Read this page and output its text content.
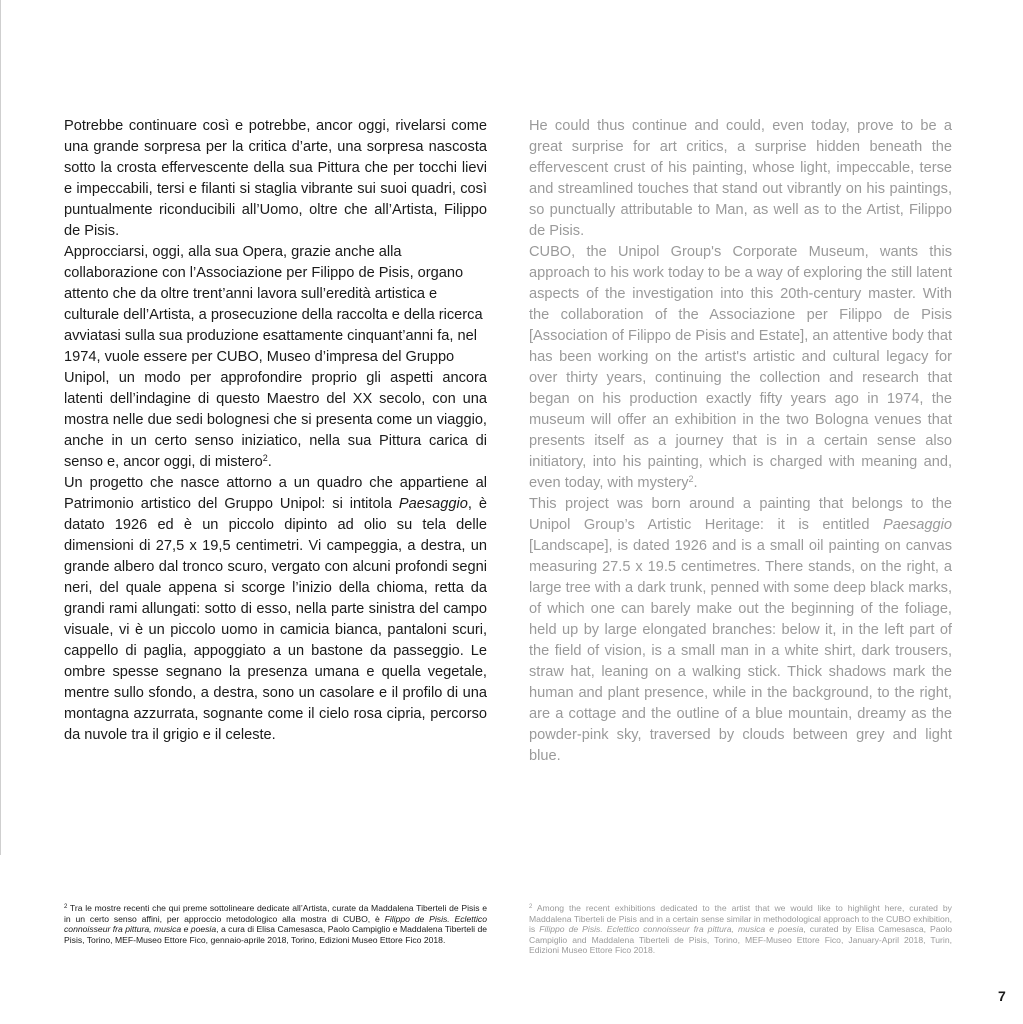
Potrebbe continuare così e potrebbe, ancor oggi, rivelarsi come una grande sorpresa per la critica d’arte, una sorpresa nascosta sotto la crosta effervescente della sua Pittura che per tocchi lievi e impeccabili, tersi e filanti si staglia vibrante sui suoi quadri, così puntualmente riconducibili all’Uomo, oltre che all’Artista, Filippo de Pisis.

Approcciarsi, oggi, alla sua Opera, grazie anche alla collaborazione con l’Associazione per Filippo de Pisis, organo attento che da oltre trent’anni lavora sull’eredità artistica e culturale dell’Artista, a prosecuzione della raccolta e della ricerca avviatasi sulla sua produzione esattamente cinquant’anni fa, nel 1974, vuole essere per CUBO, Museo d’impresa del Gruppo

Unipol, un modo per approfondire proprio gli aspetti ancora latenti dell’indagine di questo Maestro del XX secolo, con una mostra nelle due sedi bolognesi che si presenta come un viaggio, anche in un certo senso iniziatico, nella sua Pittura carica di senso e, ancor oggi, di mistero$^2$.

Un progetto che nasce attorno a un quadro che appartiene al Patrimonio artistico del Gruppo Unipol: si intitola Paesaggio, è datato 1926 ed è un piccolo dipinto ad olio su tela delle dimensioni di 27,5 x 19,5 centimetri. Vi campeggia, a destra, un grande albero dal tronco scuro, vergato con alcuni profondi segni neri, del quale appena si scorge l’inizio della chioma, retta da grandi rami allungati: sotto di esso, nella parte sinistra del campo visuale, vi è un piccolo uomo in camicia bianca, pantaloni scuri, cappello di paglia, appoggiato a un bastone da passeggio. Le ombre spesse segnano la presenza umana e quella vegetale, mentre sullo sfondo, a destra, sono un casolare e il profilo di una montagna azzurrata, sognante come il cielo rosa cipria, percorso da nuvole tra il grigio e il celeste.

He could thus continue and could, even today, prove to be a great surprise for art critics, a surprise hidden beneath the effervescent crust of his painting, whose light, impeccable, terse and streamlined touches that stand out vibrantly on his paintings, so punctually attributable to Man, as well as to the Artist, Filippo de Pisis.

CUBO, the Unipol Group's Corporate Museum, wants this approach to his work today to be a way of exploring the still latent aspects of the investigation into this 20th-century master. With the collaboration of the Associazione per Filippo de Pisis [Association of Filippo de Pisis and Estate], an attentive body that has been working on the artist's artistic and cultural legacy for over thirty years, continuing the collection and research that began on his production exactly fifty years ago in 1974, the museum will offer an exhibition in the two Bologna venues that presents itself as a journey that is in a certain sense also initiatory, into his painting, which is charged with meaning and, even today, with mystery$^2$.

This project was born around a painting that belongs to the Unipol Group’s Artistic Heritage: it is entitled Paesaggio [Landscape], is dated 1926 and is a small oil painting on canvas measuring 27.5 x 19.5 centimetres. There stands, on the right, a large tree with a dark trunk, penned with some deep black marks, of which one can barely make out the beginning of the foliage, held up by large elongated branches: below it, in the left part of the field of vision, is a small man in a white shirt, dark trousers, straw hat, leaning on a walking stick. Thick shadows mark the human and plant presence, while in the background, to the right, are a cottage and the outline of a blue mountain, dreamy as the powder-pink sky, traversed by clouds between grey and light blue.

$^2$ Tra le mostre recenti che qui preme sottolineare dedicate all’Artista, curate da Maddalena Tiberteli de Pisis e in un certo senso affini, per approccio metodologico alla mostra di CUBO, è Filippo de Pisis. Eclettico connoisseur fra pittura, musica e poesia, a cura di Elisa Camesasca, Paolo Campiglio e Maddalena Tiberteli de Pisis, Torino, MEF-Museo Ettore Fico, gennaio-aprile 2018, Torino, Edizioni Museo Ettore Fico 2018.
$^2$ Among the recent exhibitions dedicated to the artist that we would like to highlight here, curated by Maddalena Tiberteli de Pisis and in a certain sense similar in methodological approach to the CUBO exhibition, is Filippo de Pisis. Eclettico connoisseur fra pittura, musica e poesia, curated by Elisa Camesasca, Paolo Campiglio and Maddalena Tiberteli de Pisis, Torino, MEF-Museo Ettore Fico, January-April 2018, Turin, Edizioni Museo Ettore Fico 2018.
7
